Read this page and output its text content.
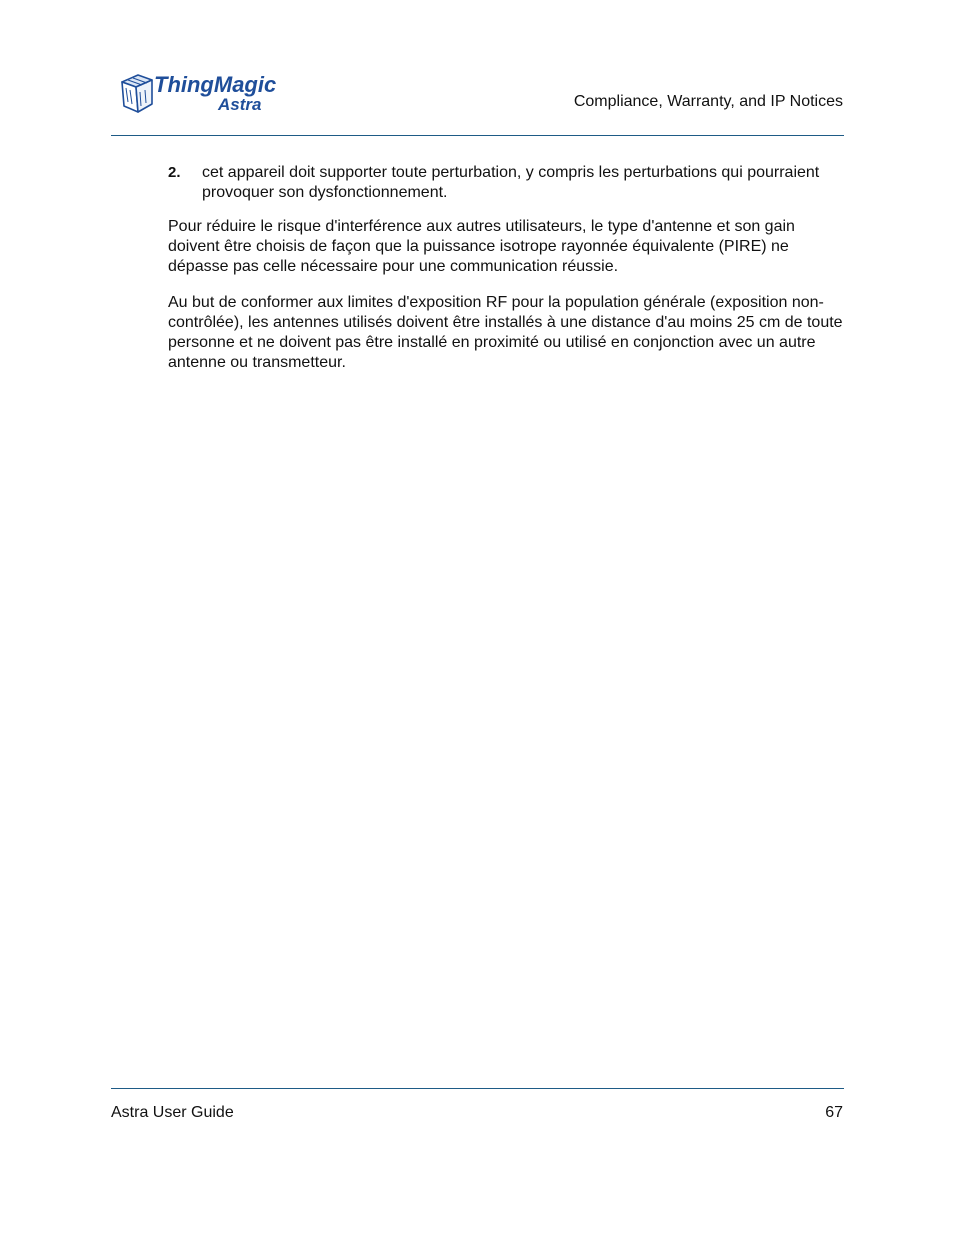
ThingMagic
Astra	Compliance, Warranty, and IP Notices
2. cet appareil doit supporter toute perturbation, y compris les perturbations qui pourraient provoquer son dysfonctionnement.

Pour réduire le risque d'interférence aux autres utilisateurs, le type d'antenne et son gain doivent être choisis de façon que la puissance isotrope rayonnée équivalente (PIRE) ne dépasse pas celle nécessaire pour une communication réussie.

Au but de conformer aux limites d'exposition RF pour la population générale (exposition non-contrôlée), les antennes utilisés doivent être installés à une distance d'au moins 25 cm de toute personne et ne doivent pas être installé en proximité ou utilisé en conjonction avec un autre antenne ou transmetteur.

Astra User Guide	67
